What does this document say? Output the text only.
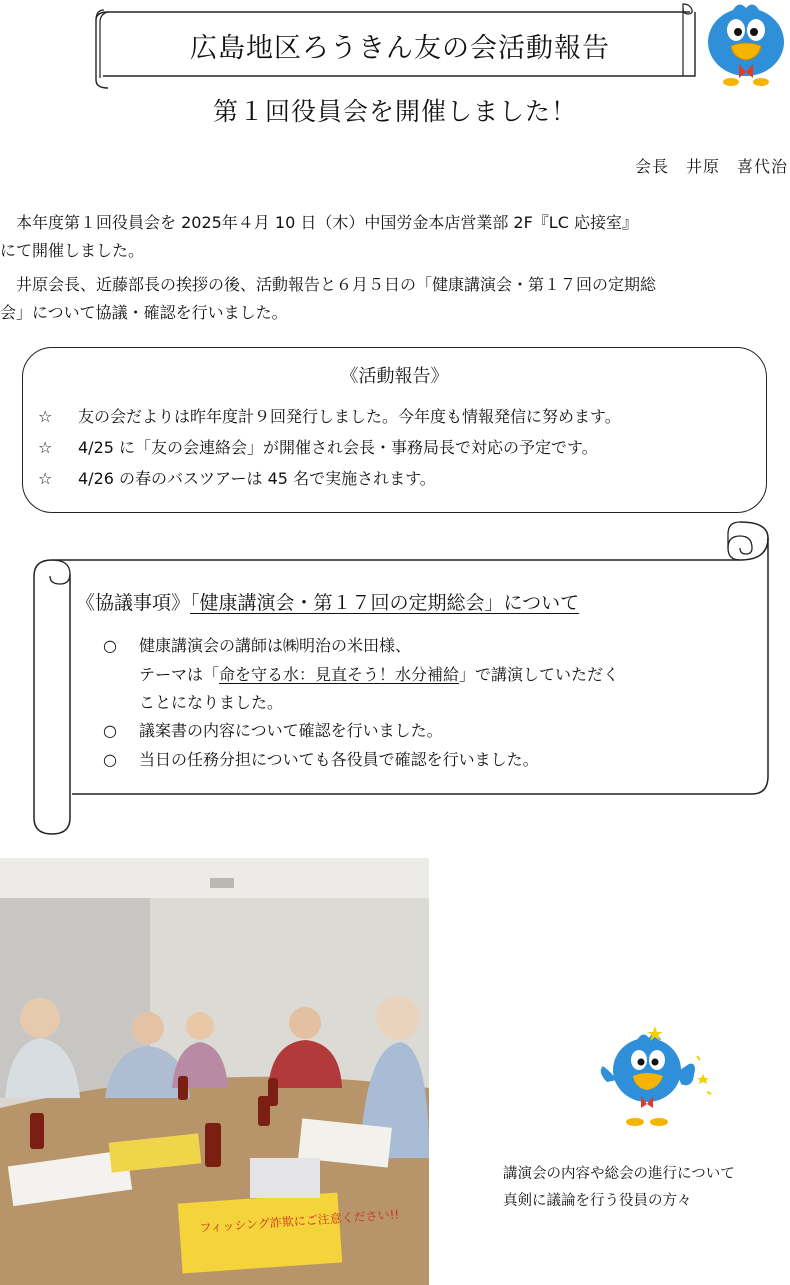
広島地区ろうきん友の会活動報告
第１回役員会を開催しました！
会長　井原　喜代治
　本年度第１回役員会を 2025年４月 10 日（木）中国労金本店営業部 2F『LC 応接室』
にて開催しました。
　井原会長、近藤部長の挨拶の後、活動報告と６月５日の「健康講演会・第１７回の定期総
会」について協議・確認を行いました。
《活動報告》
☆ 友の会だよりは昨年度計９回発行しました。今年度も情報発信に努めます。
☆ 4/25 に「友の会連絡会」が開催され会長・事務局長で対応の予定です。
☆ 4/26 の春のバスツアーは 45 名で実施されます。
《協議事項》「健康講演会・第１７回の定期総会」について
○ 健康講演会の講師は㈱明治の米田様、
テーマは「命を守る水：見直そう！水分補給」で講演していただく
ことになりました。
○ 議案書の内容について確認を行いました。
○ 当日の任務分担についても各役員で確認を行いました。
フィッシング詐欺にご注意ください!!
講演会の内容や総会の進行について
真剣に議論を行う役員の方々
